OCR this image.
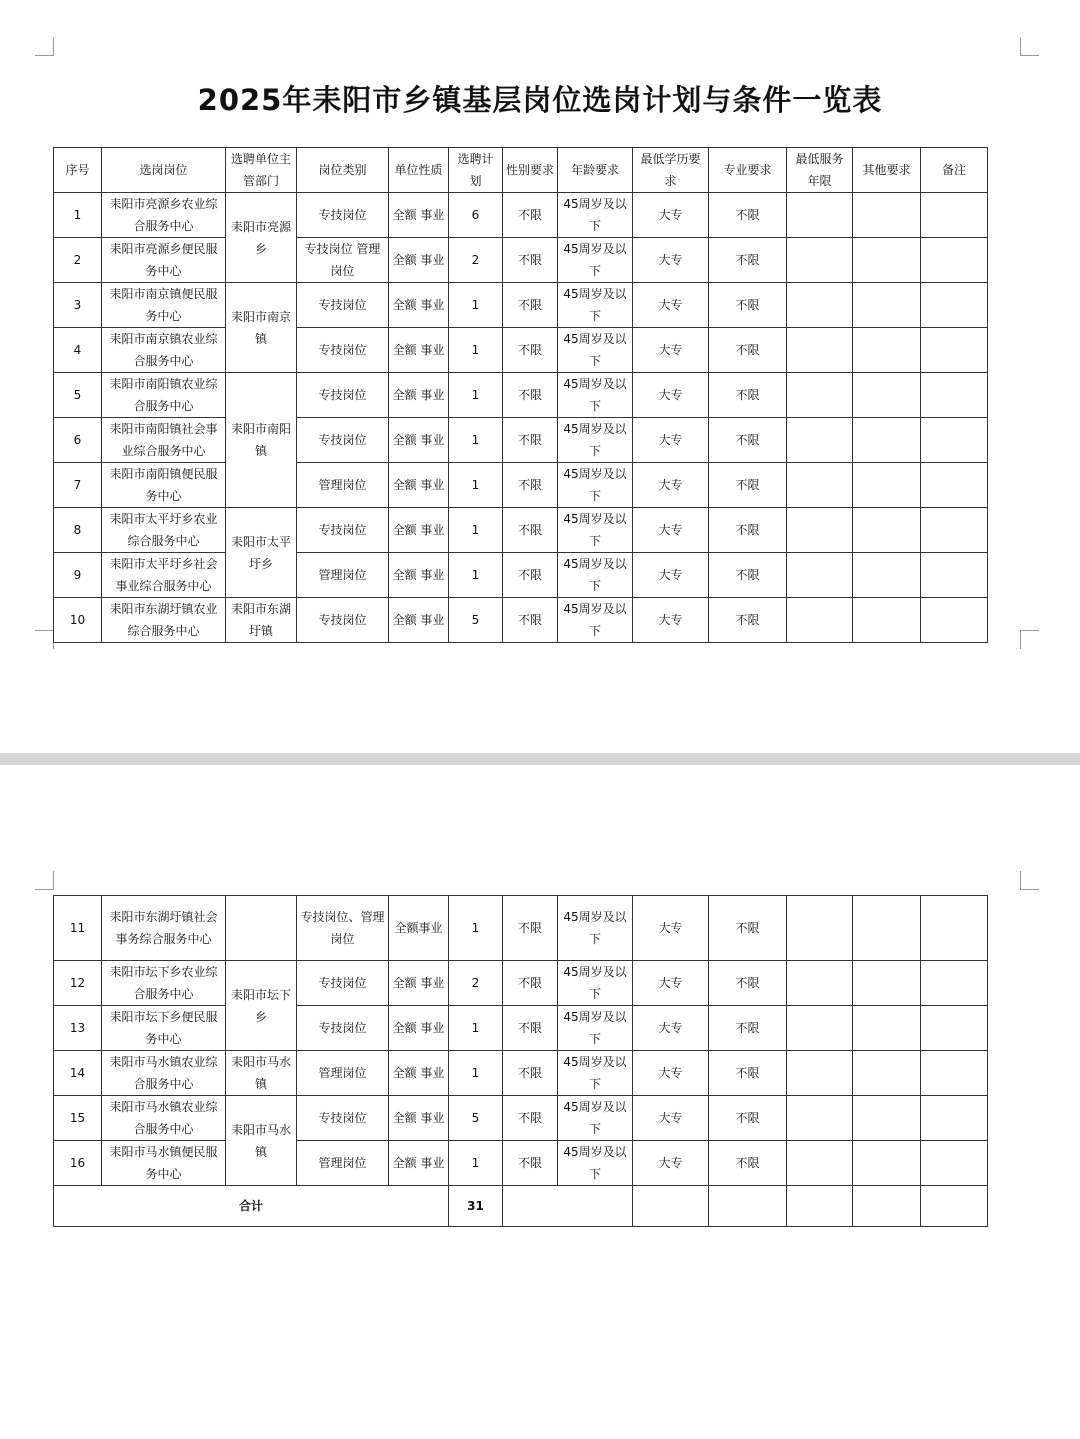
2025年耒阳市乡镇基层岗位选岗计划与条件一览表
序号	选岗岗位	选聘单位主管部门	岗位类别	单位性质	选聘计划	性别要求	年龄要求	最低学历要求	专业要求	最低服务年限	其他要求	备注
1	耒阳市亮源乡农业综合服务中心	耒阳市亮源乡	专技岗位	全额 事业	6	不限	45周岁及以下	大专	不限			
2	耒阳市亮源乡便民服务中心		专技岗位 管理岗位	全额 事业	2	不限	45周岁及以下	大专	不限			
3	耒阳市南京镇便民服务中心	耒阳市南京镇	专技岗位	全额 事业	1	不限	45周岁及以下	大专	不限			
4	耒阳市南京镇农业综合服务中心		专技岗位	全额 事业	1	不限	45周岁及以下	大专	不限			
5	耒阳市南阳镇农业综合服务中心	耒阳市南阳镇	专技岗位	全额 事业	1	不限	45周岁及以下	大专	不限			
6	耒阳市南阳镇社会事业综合服务中心		专技岗位	全额 事业	1	不限	45周岁及以下	大专	不限			
7	耒阳市南阳镇便民服务中心		管理岗位	全额 事业	1	不限	45周岁及以下	大专	不限			
8	耒阳市太平圩乡农业综合服务中心	耒阳市太平圩乡	专技岗位	全额 事业	1	不限	45周岁及以下	大专	不限			
9	耒阳市太平圩乡社会事业综合服务中心		管理岗位	全额 事业	1	不限	45周岁及以下	大专	不限			
10	耒阳市东湖圩镇农业综合服务中心	耒阳市东湖圩镇	专技岗位	全额 事业	5	不限	45周岁及以下	大专	不限			
11	耒阳市东湖圩镇社会事务综合服务中心		专技岗位、管理岗位	全额事业	1	不限	45周岁及以下	大专	不限			
12	耒阳市坛下乡农业综合服务中心	耒阳市坛下乡	专技岗位	全额 事业	2	不限	45周岁及以下	大专	不限			
13	耒阳市坛下乡便民服务中心		专技岗位	全额 事业	1	不限	45周岁及以下	大专	不限			
14	耒阳市马水镇农业综合服务中心	耒阳市马水镇	管理岗位	全额 事业	1	不限	45周岁及以下	大专	不限			
15	耒阳市马水镇农业综合服务中心	耒阳市马水镇	专技岗位	全额 事业	5	不限	45周岁及以下	大专	不限			
16	耒阳市马水镇便民服务中心		管理岗位	全额 事业	1	不限	45周岁及以下	大专	不限			
合计					31							
